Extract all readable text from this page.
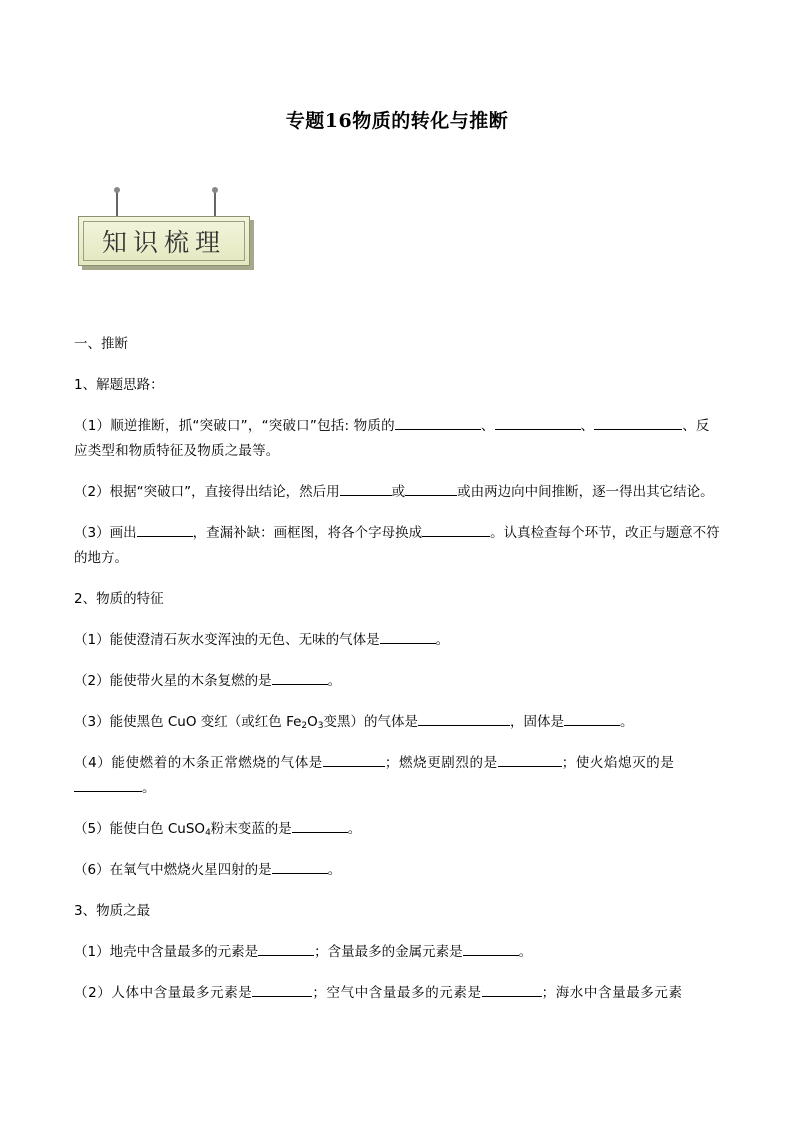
专题16物质的转化与推断
知识梳理

一、推断

1、解题思路：

（1）顺逆推断，抓“突破口”，“突破口”包括: 物质的	、	、	、反应类型和物质特征及物质之最等。

（2）根据“突破口”，直接得出结论，然后用	或	或由两边向中间推断，逐一得出其它结论。

（3）画出	，查漏补缺：画框图，将各个字母换成	。认真检查每个环节，改正与题意不符的地方。

2、物质的特征

（1）能使澄清石灰水变浑浊的无色、无味的气体是	。

（2）能使带火星的木条复燃的是	。

（3）能使黑色 CuO 变红（或红色 $Fe_2O_3$变黑）的气体是	，固体是	。

（4）能使燃着的木条正常燃烧的气体是	；燃烧更剧烈的是	；使火焰熄灭的是。

（5）能使白色 CuSO$_4$粉末变蓝的是	。

（6）在氧气中燃烧火星四射的是	。

3、物质之最

（1）地壳中含量最多的元素是	；含量最多的金属元素是	。

（2）人体中含量最多元素是	；空气中含量最多的元素是	；海水中含量最多元素
